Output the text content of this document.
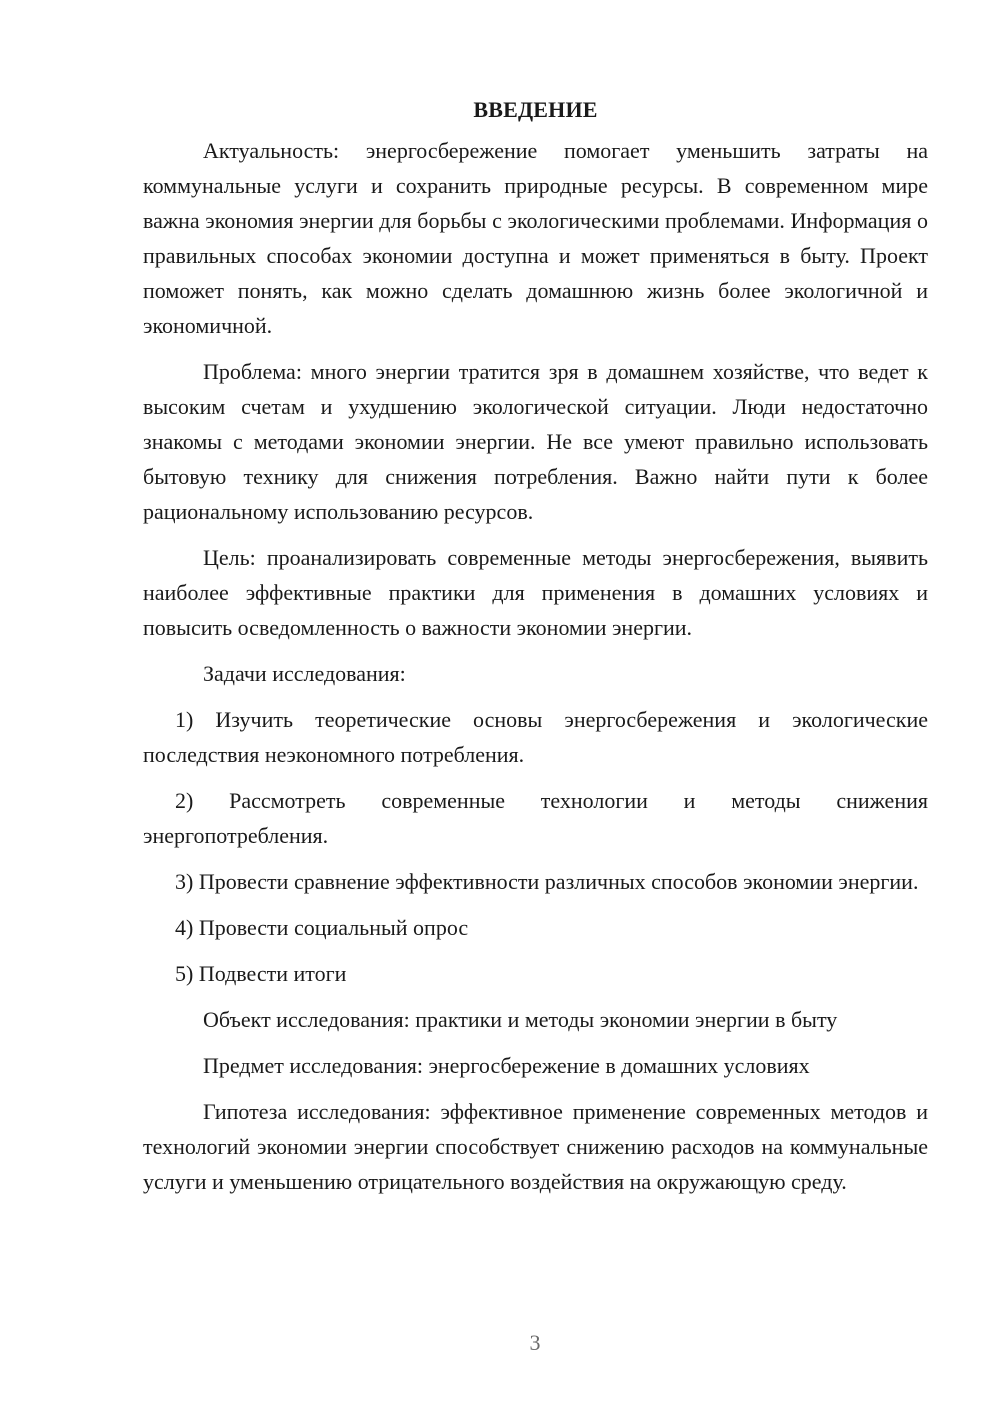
ВВЕДЕНИЕ

Актуальность: энергосбережение помогает уменьшить затраты на коммунальные услуги и сохранить природные ресурсы. В современном мире важна экономия энергии для борьбы с экологическими проблемами. Информация о правильных способах экономии доступна и может применяться в быту. Проект поможет понять, как можно сделать домашнюю жизнь более экологичной и экономичной.

Проблема: много энергии тратится зря в домашнем хозяйстве, что ведет к высоким счетам и ухудшению экологической ситуации. Люди недостаточно знакомы с методами экономии энергии. Не все умеют правильно использовать бытовую технику для снижения потребления. Важно найти пути к более рациональному использованию ресурсов.

Цель: проанализировать современные методы энергосбережения, выявить наиболее эффективные практики для применения в домашних условиях и повысить осведомленность о важности экономии энергии.

Задачи исследования:

1) Изучить теоретические основы энергосбережения и экологические последствия неэкономного потребления.

2) Рассмотреть современные технологии и методы снижения энергопотребления.

3) Провести сравнение эффективности различных способов экономии энергии.

4) Провести социальный опрос

5) Подвести итоги

Объект исследования: практики и методы экономии энергии в быту

Предмет исследования: энергосбережение в домашних условиях

Гипотеза исследования: эффективное применение современных методов и технологий экономии энергии способствует снижению расходов на коммунальные услуги и уменьшению отрицательного воздействия на окружающую среду.

3
